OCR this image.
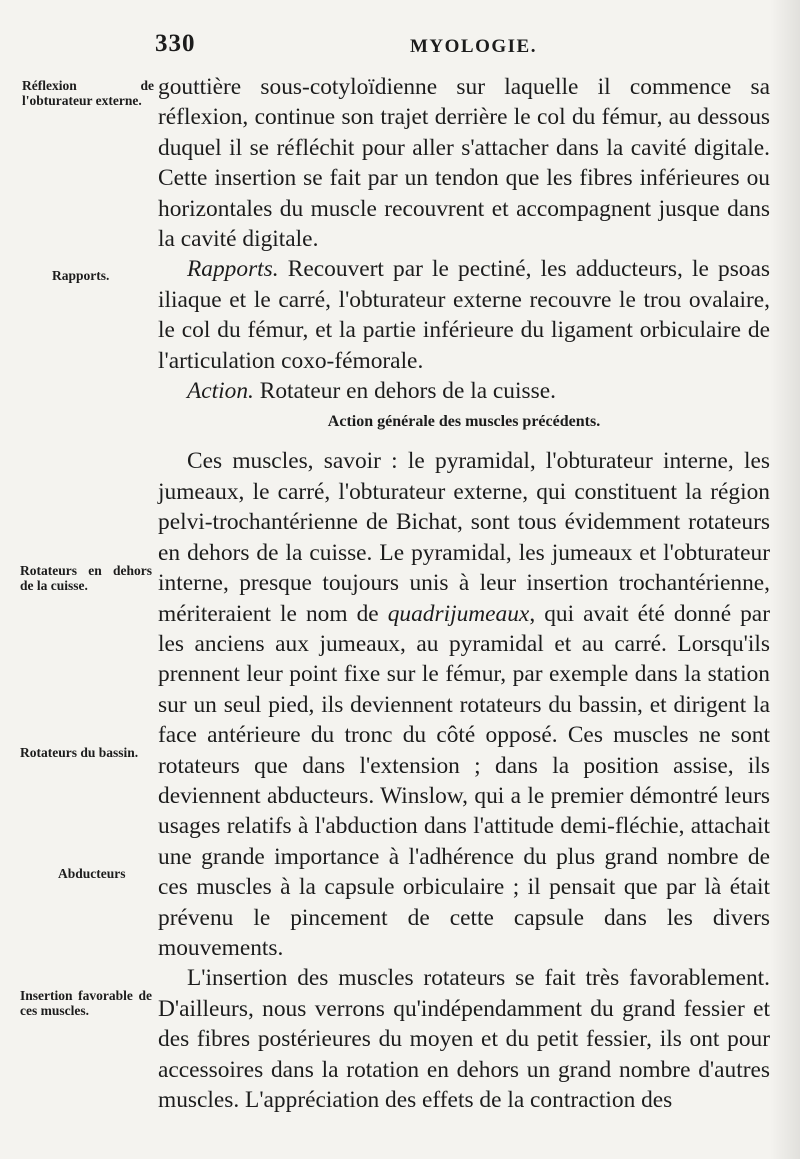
330	MYOLOGIE.
Réflexion de l'obturateur externe.
Rapports.
Rotateurs en dehors de la cuisse.
Rotateurs du bassin.
Abducteurs
Insertion favorable de ces muscles.

gouttière sous-cotyloïdienne sur laquelle il commence sa réflexion, continue son trajet derrière le col du fémur, au dessous duquel il se réfléchit pour aller s'attacher dans la cavité digitale. Cette insertion se fait par un tendon que les fibres inférieures ou horizontales du muscle recouvrent et accompagnent jusque dans la cavité digitale.

Rapports. Recouvert par le pectiné, les adducteurs, le psoas iliaque et le carré, l'obturateur externe recouvre le trou ovalaire, le col du fémur, et la partie inférieure du ligament orbiculaire de l'articulation coxo-fémorale.

Action. Rotateur en dehors de la cuisse.

Action générale des muscles précédents.

Ces muscles, savoir : le pyramidal, l'obturateur interne, les jumeaux, le carré, l'obturateur externe, qui constituent la région pelvi-trochantérienne de Bichat, sont tous évidemment rotateurs en dehors de la cuisse. Le pyramidal, les jumeaux et l'obturateur interne, presque toujours unis à leur insertion trochantérienne, mériteraient le nom de quadrijumeaux, qui avait été donné par les anciens aux jumeaux, au pyramidal et au carré. Lorsqu'ils prennent leur point fixe sur le fémur, par exemple dans la station sur un seul pied, ils deviennent rotateurs du bassin, et dirigent la face antérieure du tronc du côté opposé. Ces muscles ne sont rotateurs que dans l'extension ; dans la position assise, ils deviennent abducteurs. Winslow, qui a le premier démontré leurs usages relatifs à l'abduction dans l'attitude demi-fléchie, attachait une grande importance à l'adhérence du plus grand nombre de ces muscles à la capsule orbiculaire ; il pensait que par là était prévenu le pincement de cette capsule dans les divers mouvements.

L'insertion des muscles rotateurs se fait très favorablement. D'ailleurs, nous verrons qu'indépendamment du grand fessier et des fibres postérieures du moyen et du petit fessier, ils ont pour accessoires dans la rotation en dehors un grand nombre d'autres muscles. L'appréciation des effets de la contraction des
